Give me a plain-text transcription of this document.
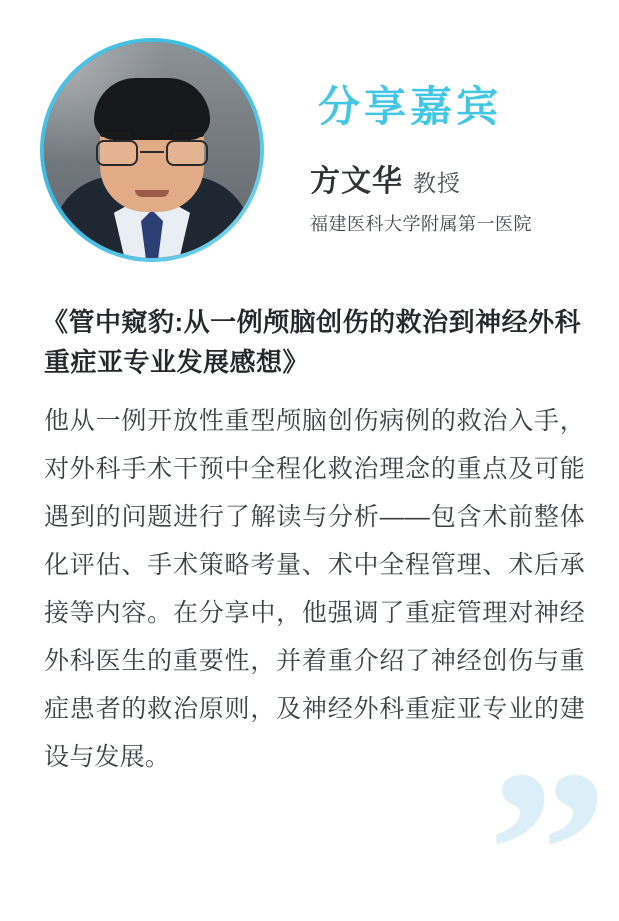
”
分享嘉宾
方文华 教授
福建医科大学附属第一医院
《管中窥豹:从一例颅脑创伤的救治到神经外科重症亚专业发展感想》

他从一例开放性重型颅脑创伤病例的救治入手，对外科手术干预中全程化救治理念的重点及可能遇到的问题进行了解读与分析——包含术前整体化评估、手术策略考量、术中全程管理、术后承接等内容。在分享中，他强调了重症管理对神经外科医生的重要性，并着重介绍了神经创伤与重症患者的救治原则，及神经外科重症亚专业的建设与发展。
